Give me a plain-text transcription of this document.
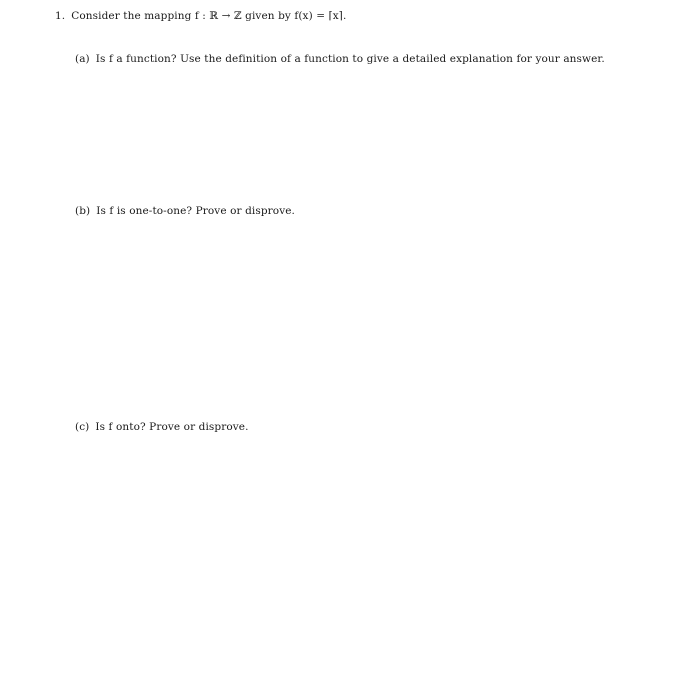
1. Consider the mapping f : ℝ → ℤ given by f(x) = ⌈x⌉.
(a) Is f a function? Use the definition of a function to give a detailed explanation for your answer.
(b) Is f is one-to-one? Prove or disprove.
(c) Is f onto? Prove or disprove.
